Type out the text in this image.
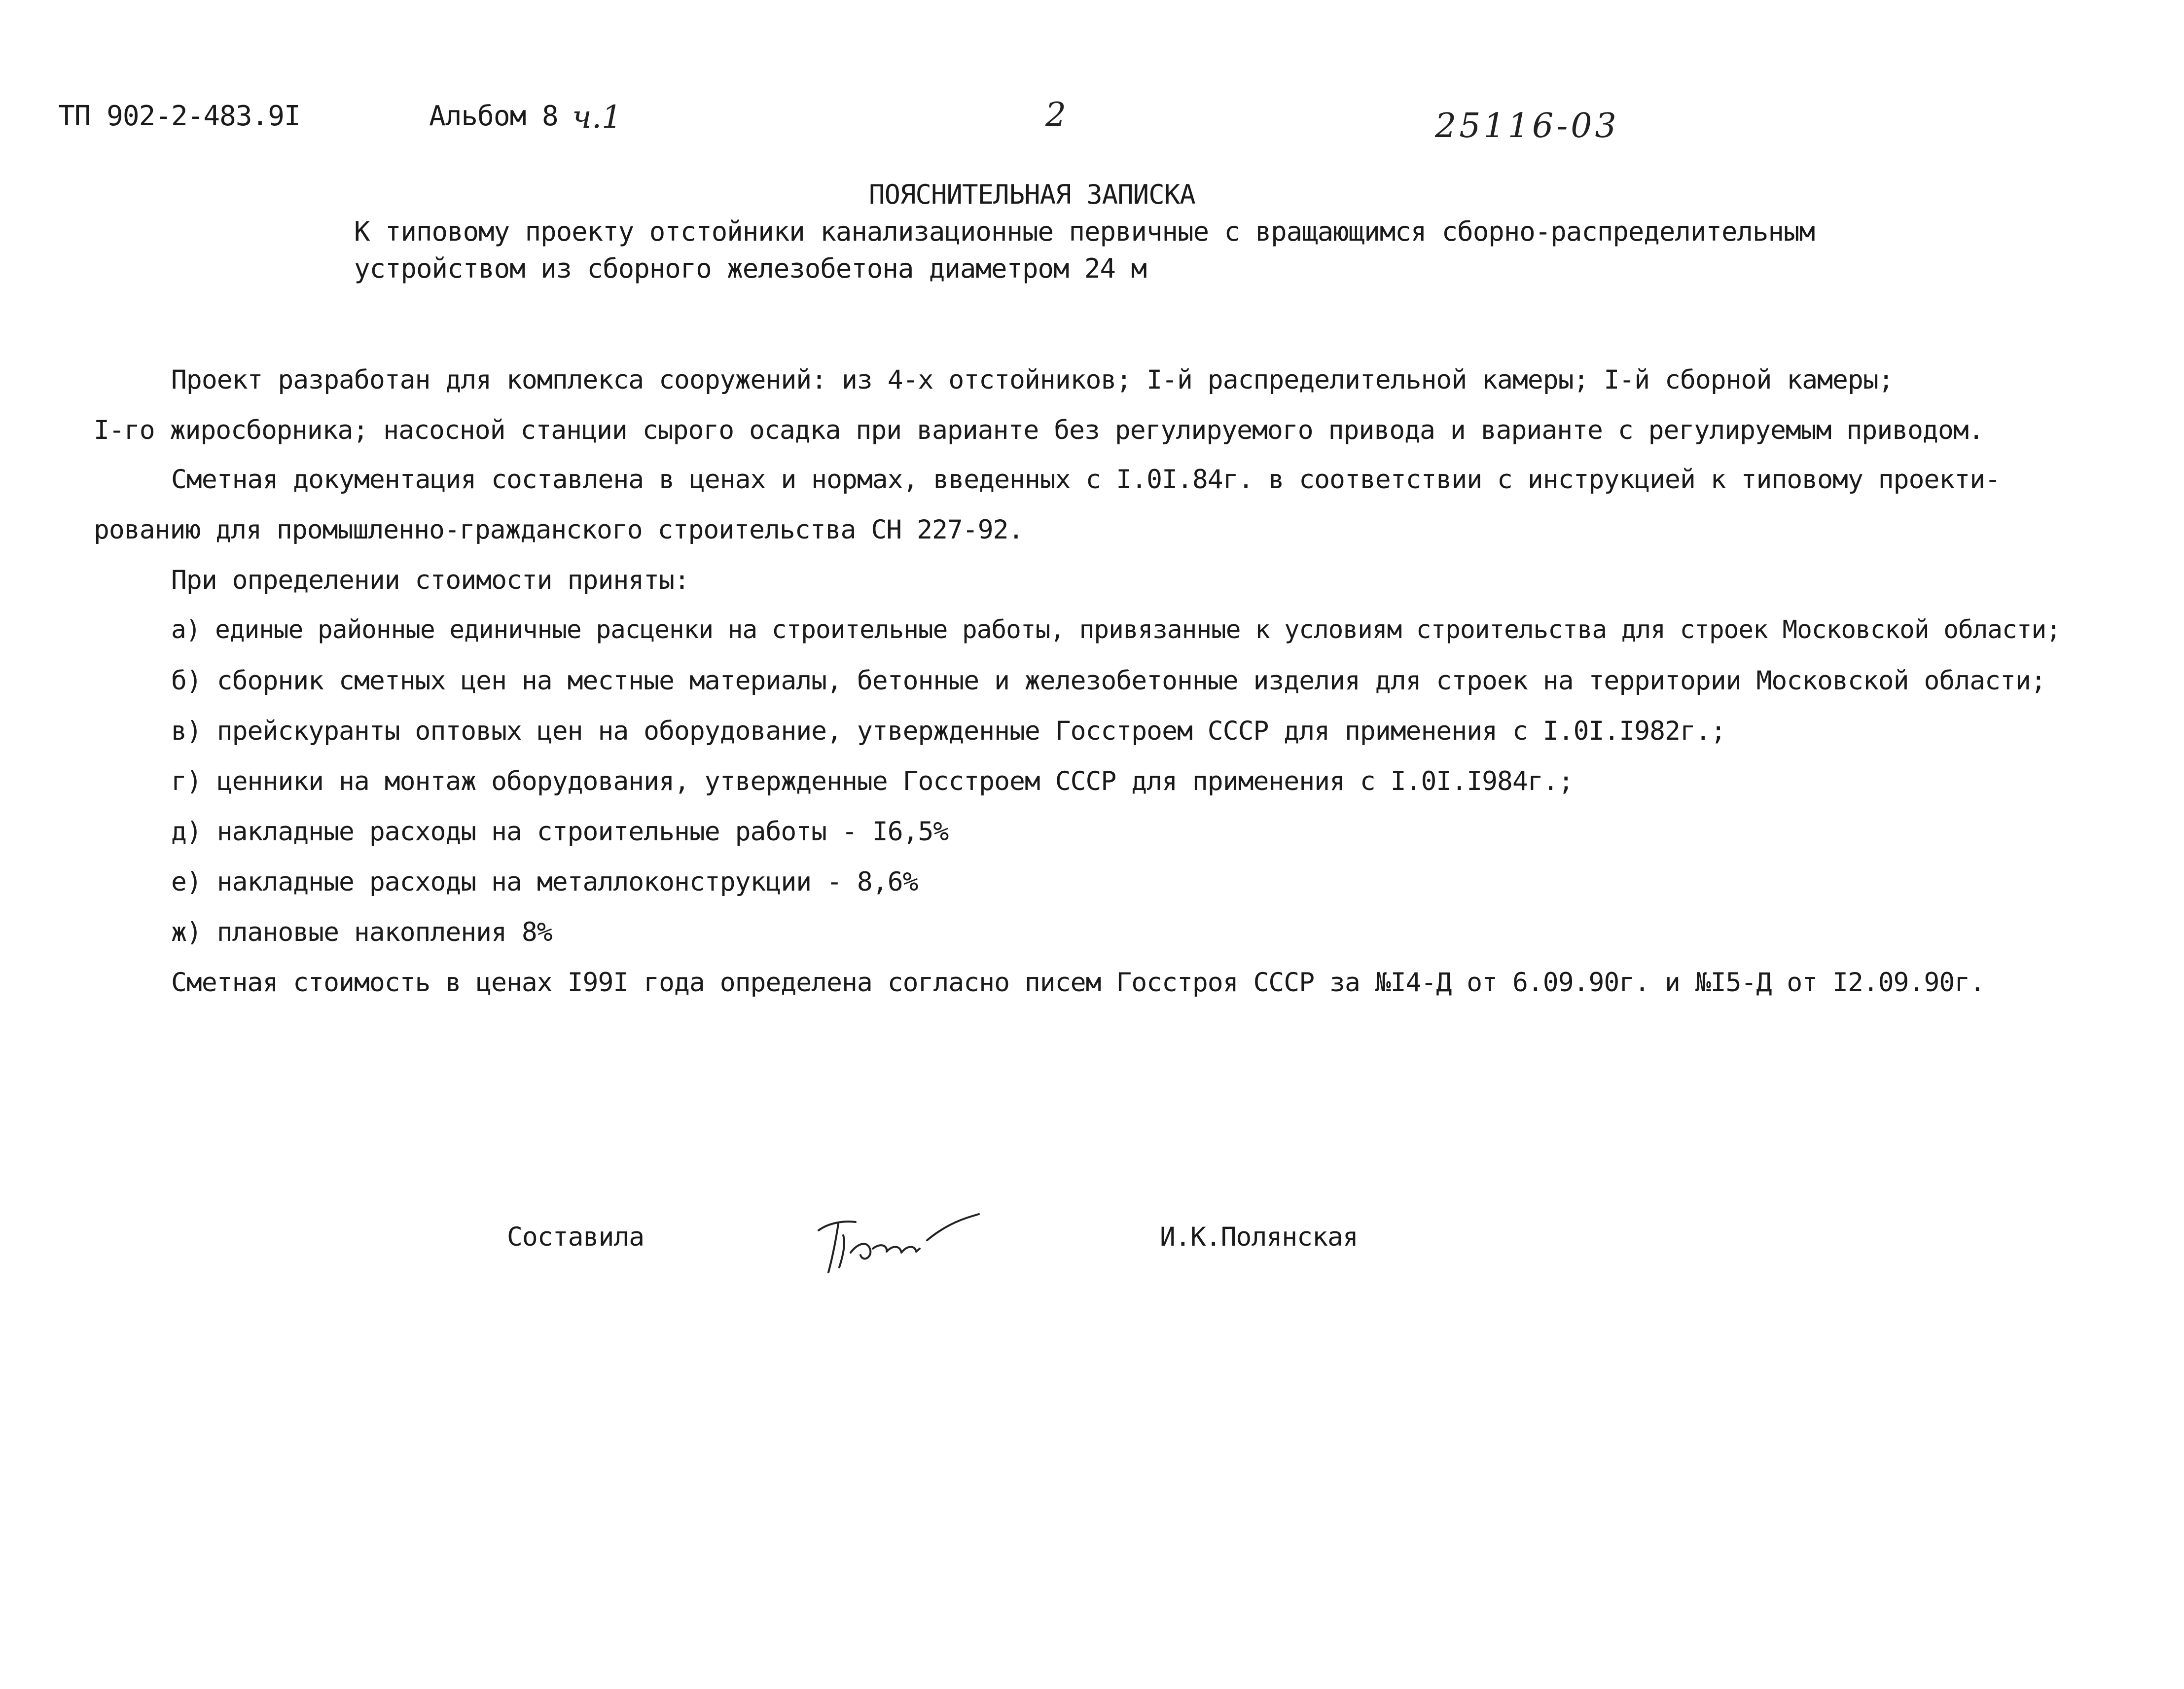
ТП 902-2-483.9I	Альбом 8 ч.1	2	25116-03
ПОЯСНИТЕЛЬНАЯ ЗАПИСКА
К типовому проекту отстойники канализационные первичные с вращающимся сборно-распределительным
устройством из сборного железобетона диаметром 24 м
Проект разработан для комплекса сооружений: из 4-х отстойников; I-й распределительной камеры; I-й сборной камеры;
I-го жиросборника; насосной станции сырого осадка при варианте без регулируемого привода и варианте с регулируемым приводом.
Сметная документация составлена в ценах и нормах, введенных с I.0I.84г. в соответствии с инструкцией к типовому проекти-
рованию для промышленно-гражданского строительства СН 227-92.
При определении стоимости приняты:
а) единые районные единичные расценки на строительные работы, привязанные к условиям строительства для строек Московской области;
б) сборник сметных цен на местные материалы, бетонные и железобетонные изделия для строек на территории Московской области;
в) прейскуранты оптовых цен на оборудование, утвержденные Госстроем СССР для применения с I.0I.I982г.;
г) ценники на монтаж оборудования, утвержденные Госстроем СССР для применения с I.0I.I984г.;
д) накладные расходы на строительные работы - I6,5%
е) накладные расходы на металлоконструкции - 8,6%
ж) плановые накопления 8%
Сметная стоимость в ценах I99I года определена согласно писем Госстроя СССР за №I4-Д от 6.09.90г. и №I5-Д от I2.09.90г.
Составила	И.К.Полянская
